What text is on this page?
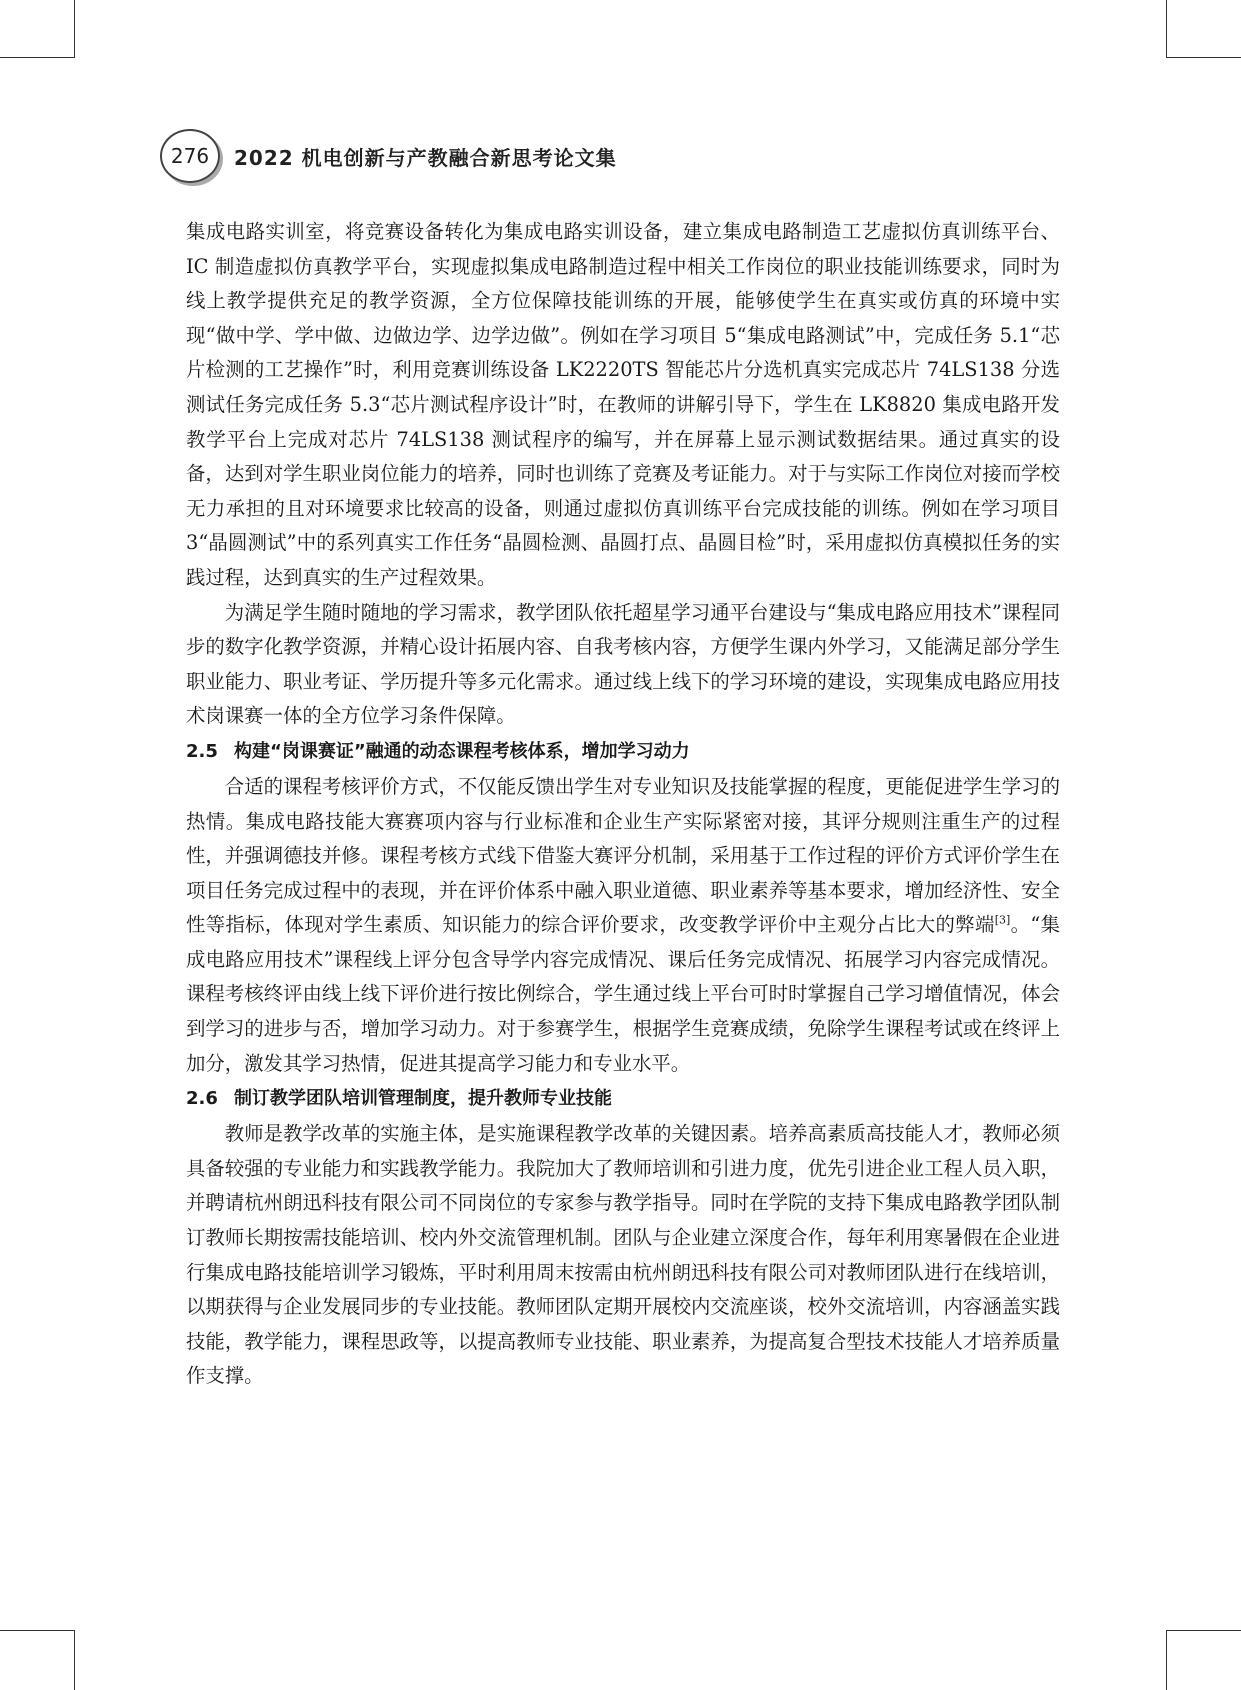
276	2022 机电创新与产教融合新思考论文集

集成电路实训室，将竞赛设备转化为集成电路实训设备，建立集成电路制造工艺虚拟仿真训练平台、IC 制造虚拟仿真教学平台，实现虚拟集成电路制造过程中相关工作岗位的职业技能训练要求，同时为线上教学提供充足的教学资源，全方位保障技能训练的开展，能够使学生在真实或仿真的环境中实现“做中学、学中做、边做边学、边学边做”。例如在学习项目 5“集成电路测试”中，完成任务 5.1“芯片检测的工艺操作”时，利用竞赛训练设备 LK2220TS 智能芯片分选机真实完成芯片 74LS138 分选测试任务完成任务 5.3“芯片测试程序设计”时，在教师的讲解引导下，学生在 LK8820 集成电路开发教学平台上完成对芯片 74LS138 测试程序的编写，并在屏幕上显示测试数据结果。通过真实的设备，达到对学生职业岗位能力的培养，同时也训练了竞赛及考证能力。对于与实际工作岗位对接而学校无力承担的且对环境要求比较高的设备，则通过虚拟仿真训练平台完成技能的训练。例如在学习项目 3“晶圆测试”中的系列真实工作任务“晶圆检测、晶圆打点、晶圆目检”时，采用虚拟仿真模拟任务的实践过程，达到真实的生产过程效果。

为满足学生随时随地的学习需求，教学团队依托超星学习通平台建设与“集成电路应用技术”课程同步的数字化教学资源，并精心设计拓展内容、自我考核内容，方便学生课内外学习，又能满足部分学生职业能力、职业考证、学历提升等多元化需求。通过线上线下的学习环境的建设，实现集成电路应用技术岗课赛一体的全方位学习条件保障。

2.5 构建“岗课赛证”融通的动态课程考核体系，增加学习动力

合适的课程考核评价方式，不仅能反馈出学生对专业知识及技能掌握的程度，更能促进学生学习的热情。集成电路技能大赛赛项内容与行业标准和企业生产实际紧密对接，其评分规则注重生产的过程性，并强调德技并修。课程考核方式线下借鉴大赛评分机制，采用基于工作过程的评价方式评价学生在项目任务完成过程中的表现，并在评价体系中融入职业道德、职业素养等基本要求，增加经济性、安全性等指标，体现对学生素质、知识能力的综合评价要求，改变教学评价中主观分占比大的弊端[3]。“集成电路应用技术”课程线上评分包含导学内容完成情况、课后任务完成情况、拓展学习内容完成情况。课程考核终评由线上线下评价进行按比例综合，学生通过线上平台可时时掌握自己学习增值情况，体会到学习的进步与否，增加学习动力。对于参赛学生，根据学生竞赛成绩，免除学生课程考试或在终评上加分，激发其学习热情，促进其提高学习能力和专业水平。

2.6 制订教学团队培训管理制度，提升教师专业技能

教师是教学改革的实施主体，是实施课程教学改革的关键因素。培养高素质高技能人才，教师必须具备较强的专业能力和实践教学能力。我院加大了教师培训和引进力度，优先引进企业工程人员入职，并聘请杭州朗迅科技有限公司不同岗位的专家参与教学指导。同时在学院的支持下集成电路教学团队制订教师长期按需技能培训、校内外交流管理机制。团队与企业建立深度合作，每年利用寒暑假在企业进行集成电路技能培训学习锻炼，平时利用周末按需由杭州朗迅科技有限公司对教师团队进行在线培训，以期获得与企业发展同步的专业技能。教师团队定期开展校内交流座谈，校外交流培训，内容涵盖实践技能，教学能力，课程思政等，以提高教师专业技能、职业素养，为提高复合型技术技能人才培养质量作支撑。
